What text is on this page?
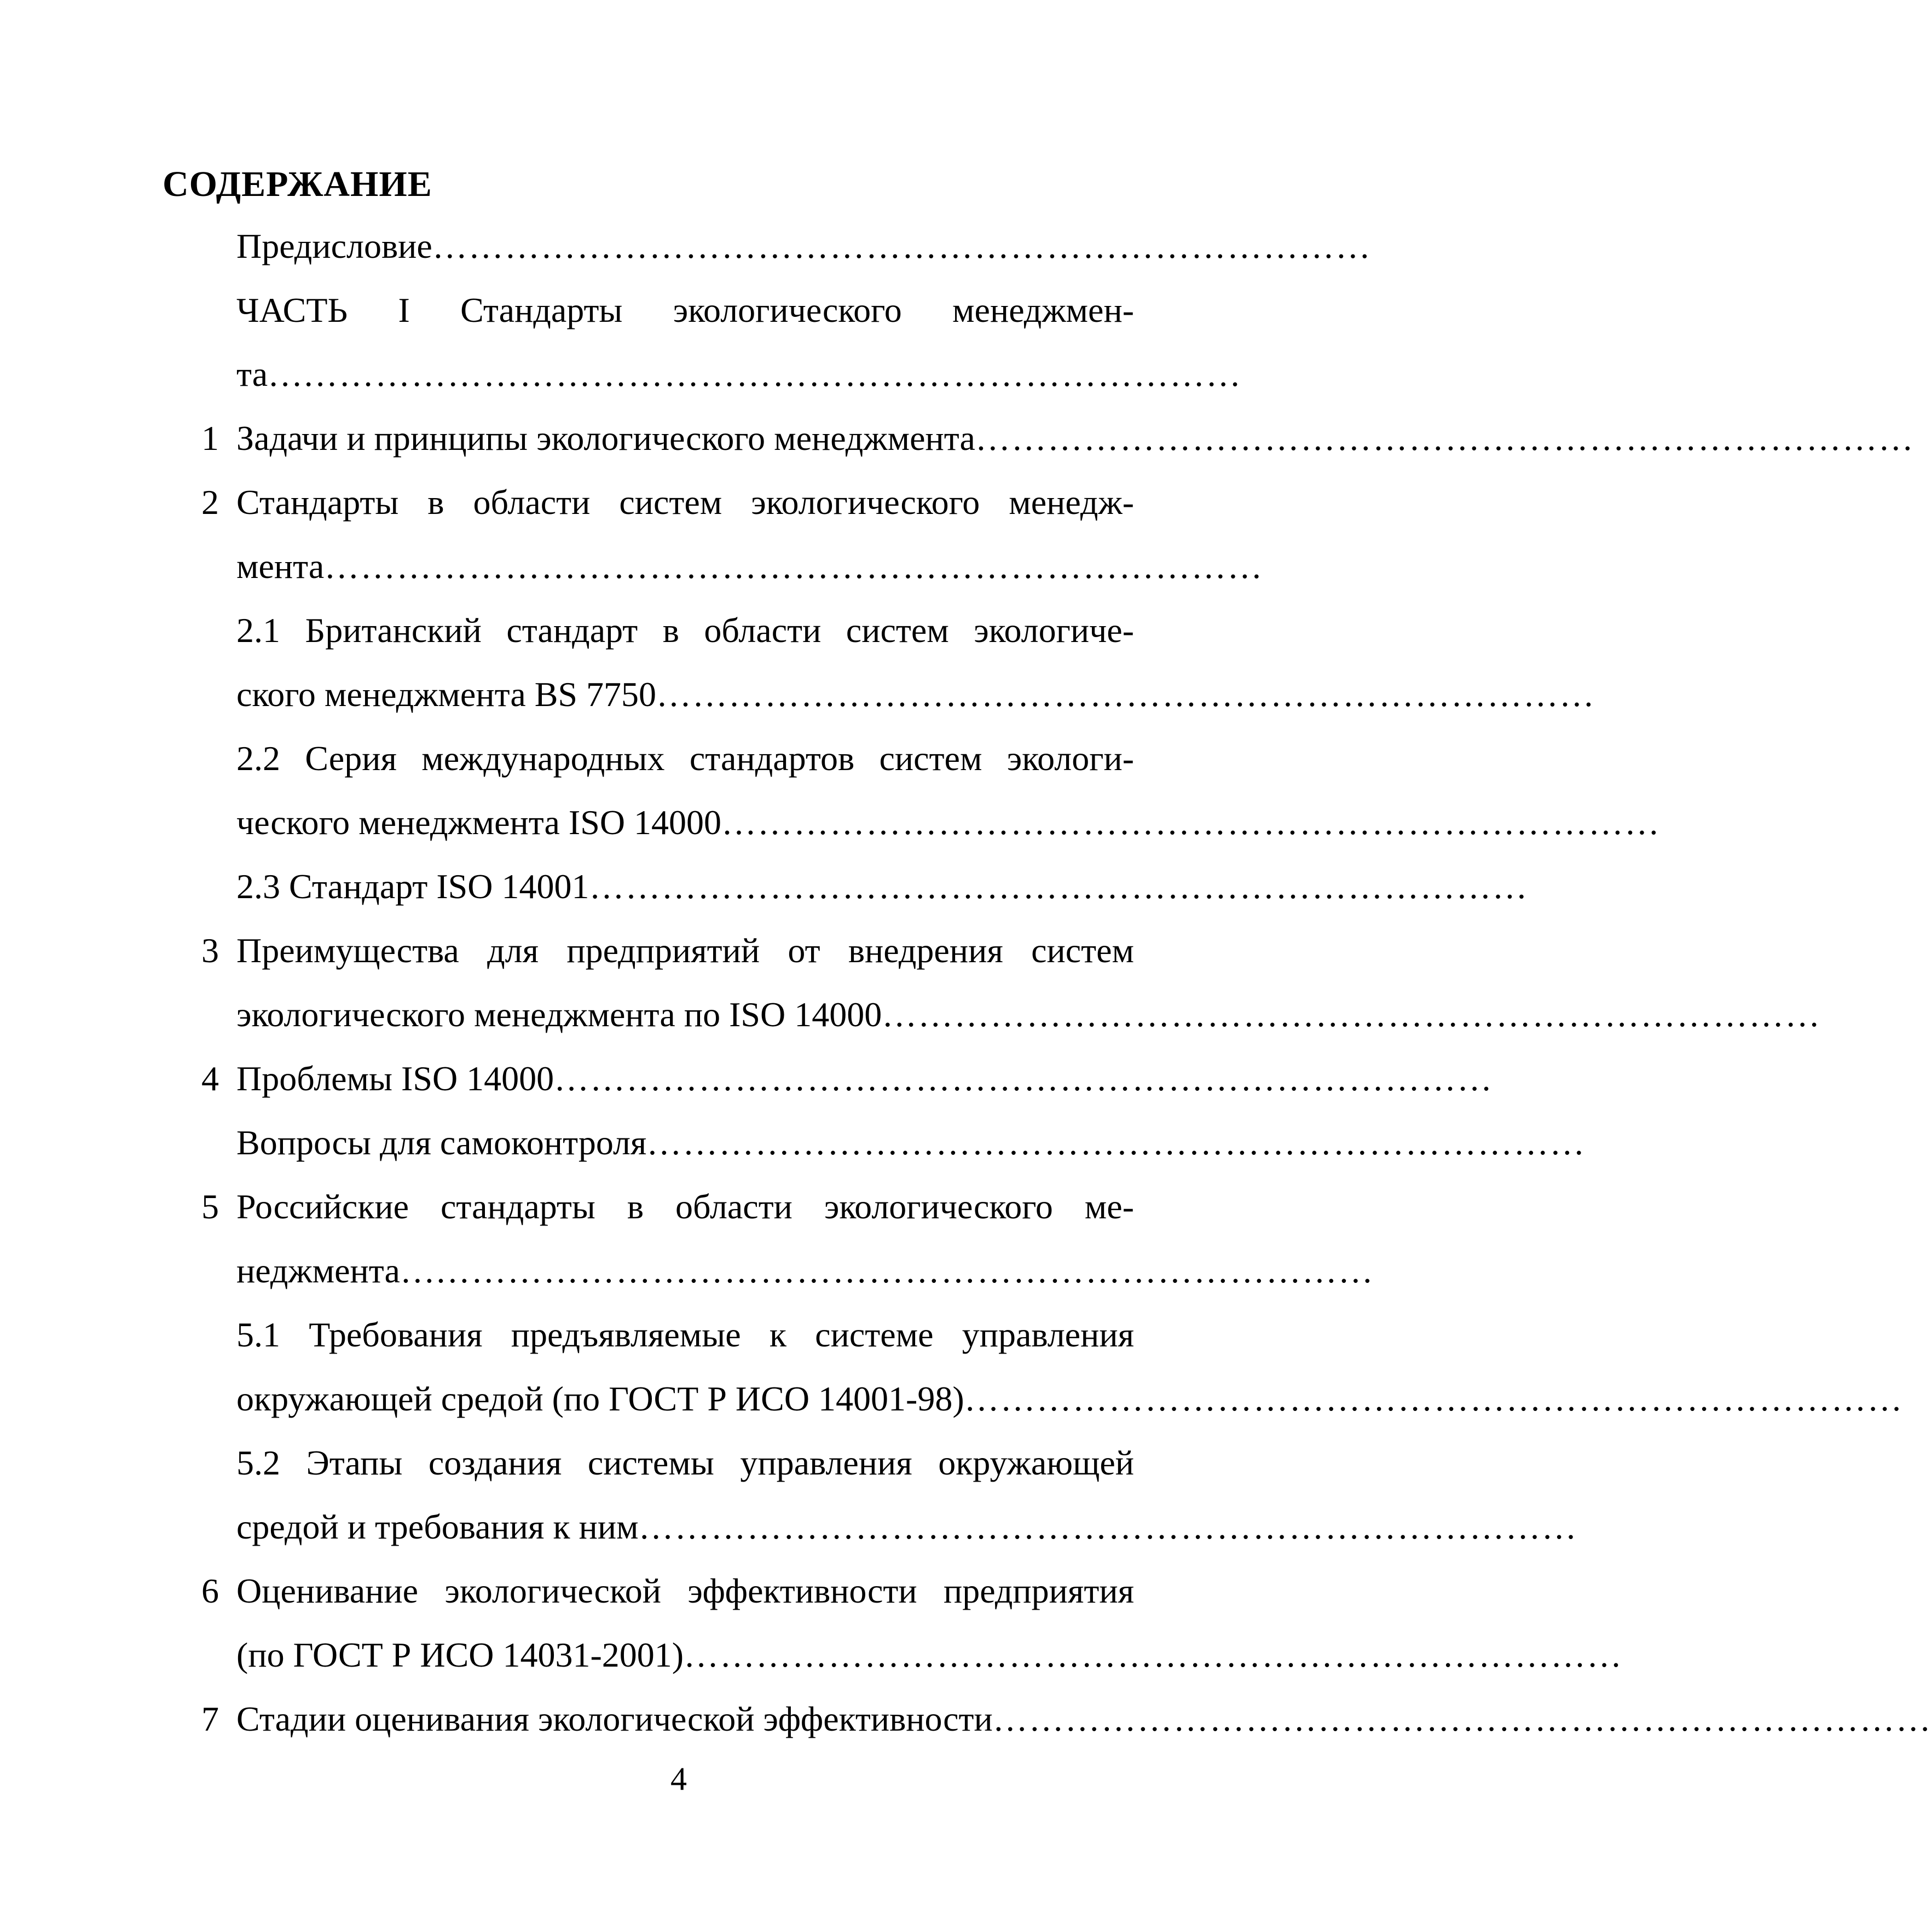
СОДЕРЖАНИЕ
Предисловие ……………………………………………………………………
ЧАСТЬ I Стандарты экологического менеджмен-
та… ……………………………………………………………………
1 Задачи и принципы экологического менеджмента ……………………………………………………………………
2 Стандарты в области систем экологического менедж-
мента ……………………………………………………………………
2.1 Британский стандарт в области систем экологиче-
ского менеджмента BS 7750 ……………………………………………………………………
2.2 Серия международных стандартов систем экологи-
ческого менеджмента ISO 14000 ……………………………………………………………………
2.3 Стандарт ISO 14001 ……………………………………………………………………
3 Преимущества для предприятий от внедрения систем
экологического менеджмента по ISO 14000 ……………………………………………………………………
4 Проблемы ISO 14000 ……………………………………………………………………
Вопросы для самоконтроля ……………………………………………………………………
5 Российские стандарты в области экологического ме-
неджмента… ……………………………………………………………………
5.1 Требования предъявляемые к системе управления
окружающей средой (по ГОСТ Р ИСО 14001-98) ……………………………………………………………………
5.2 Этапы создания системы управления окружающей
средой и требования к ним ……………………………………………………………………
6 Оценивание экологической эффективности предприятия
(по ГОСТ Р ИСО 14031-2001) ……………………………………………………………………
7 Стадии оценивания экологической эффективности ……………………………………………………………………
4
